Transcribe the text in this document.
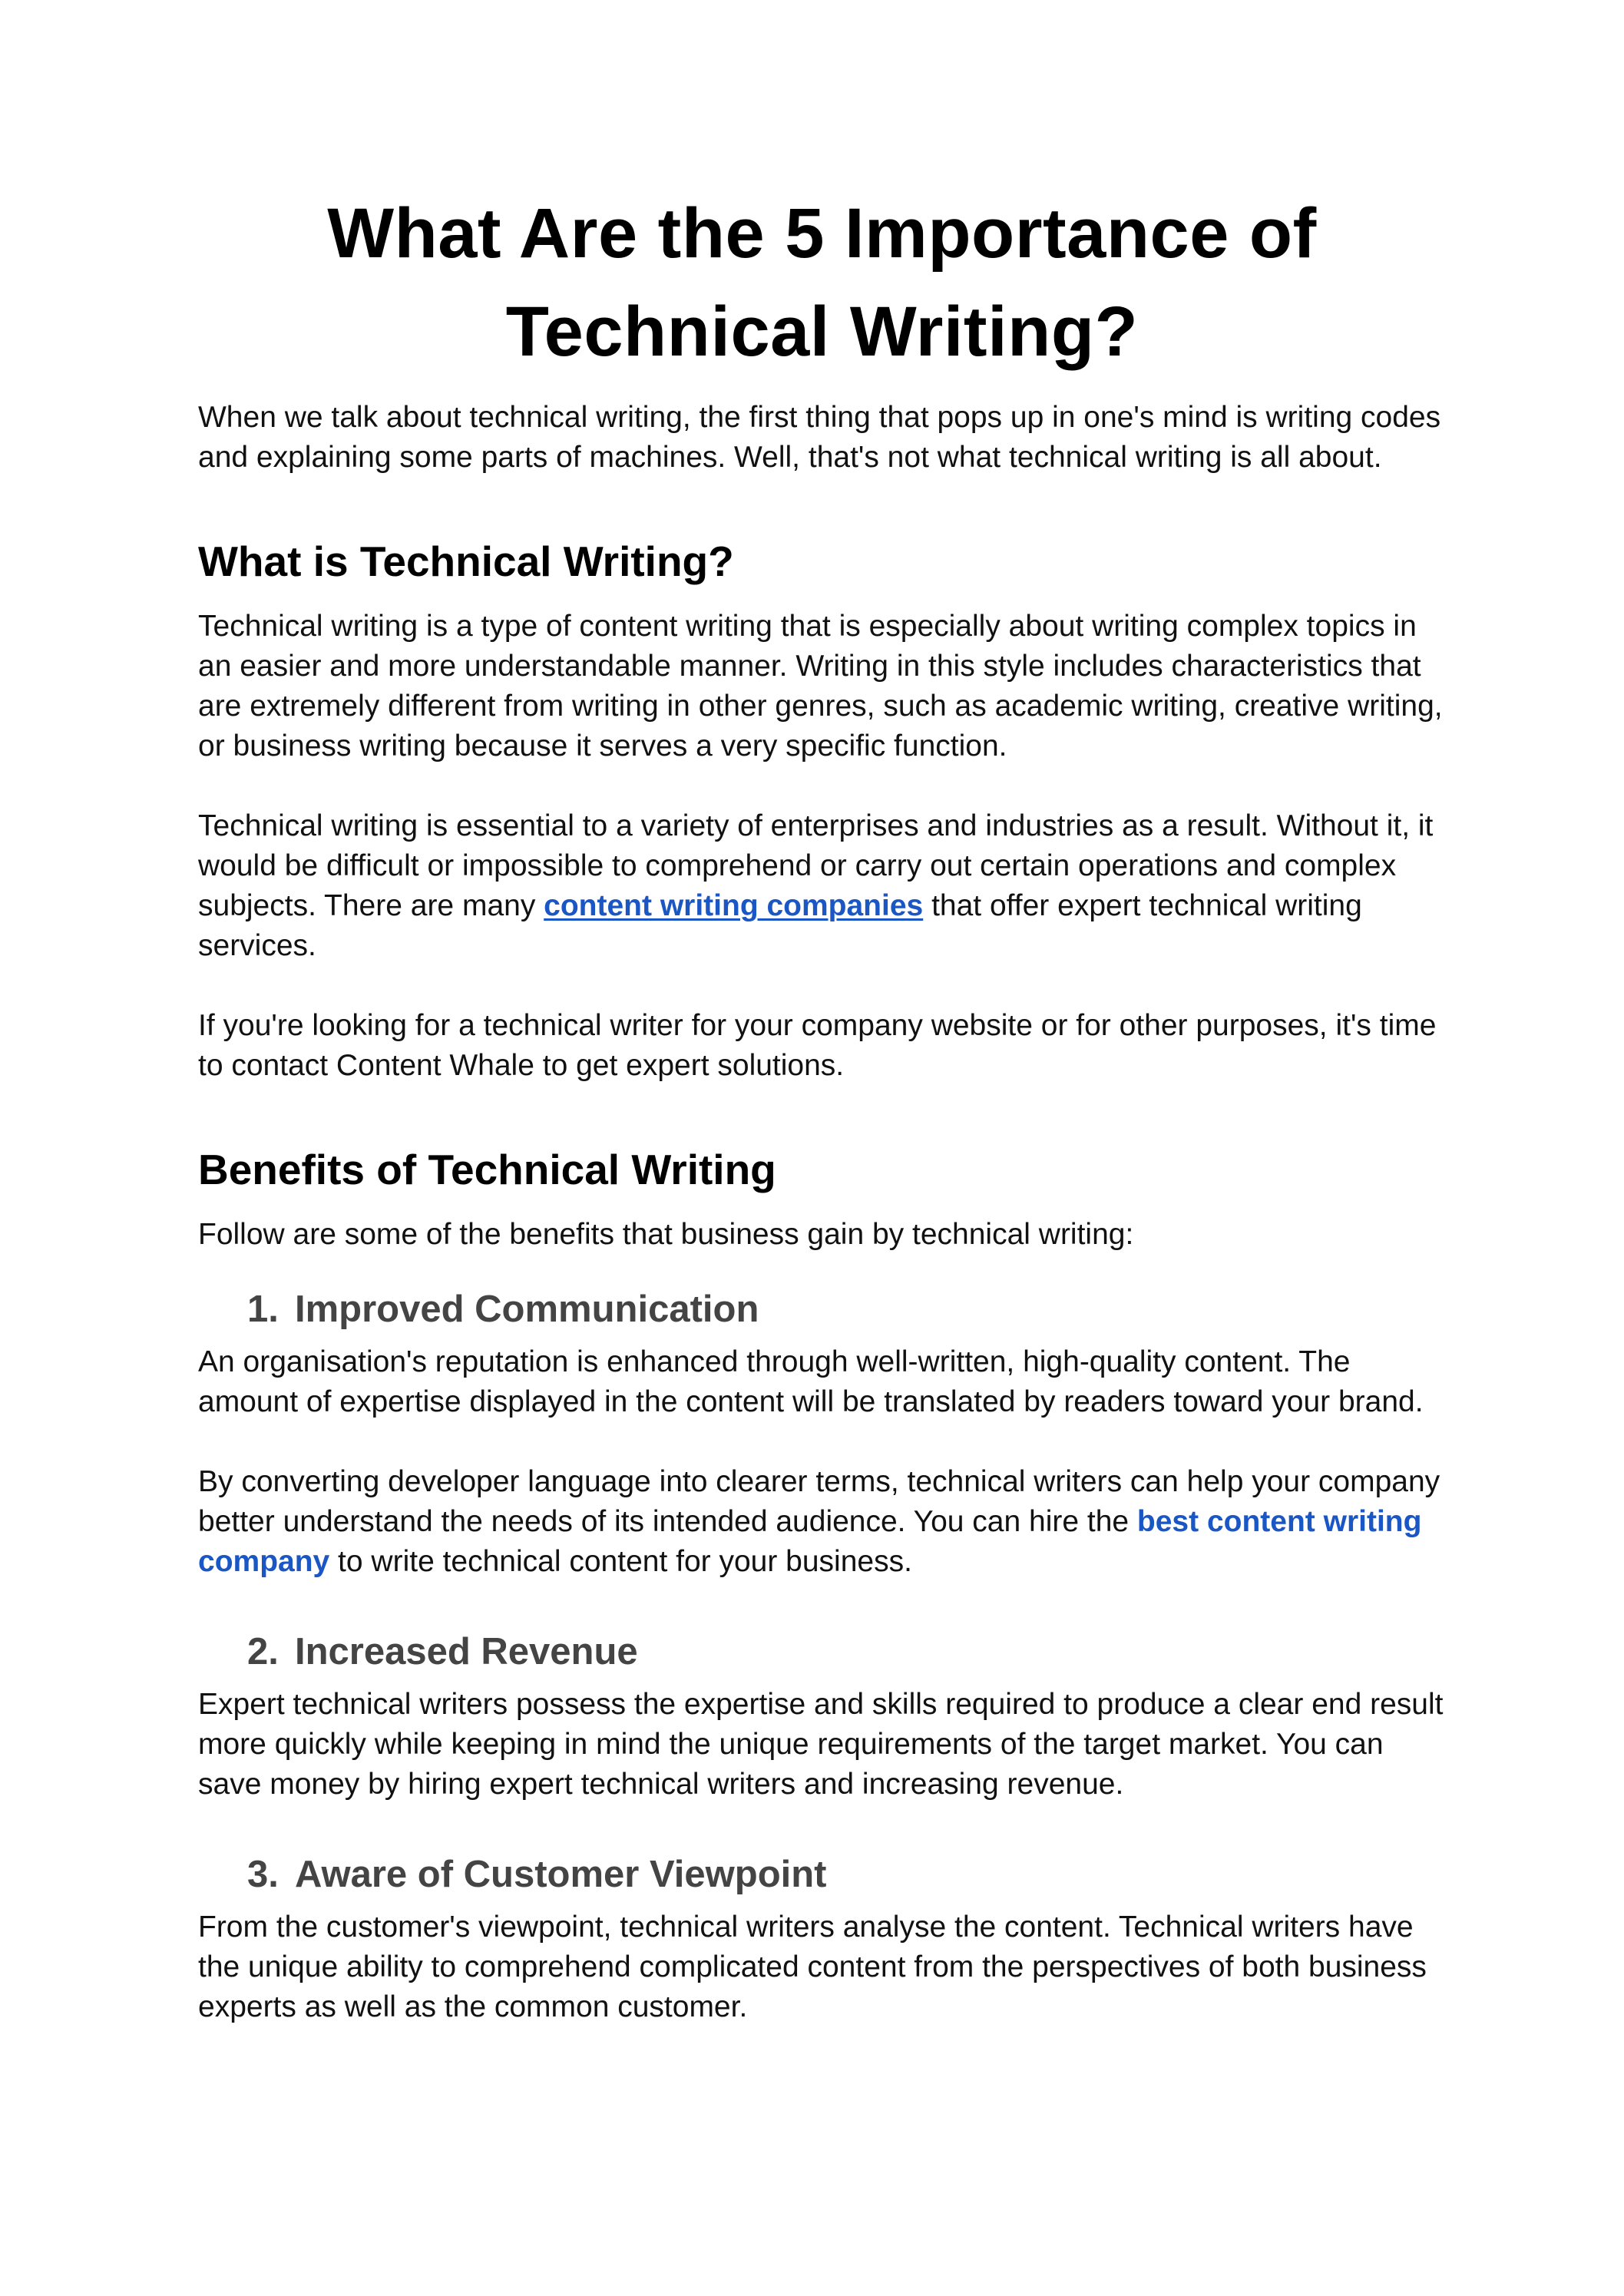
What Are the 5 Importance of
Technical Writing?

When we talk about technical writing, the first thing that pops up in one's mind is writing codes and explaining some parts of machines. Well, that's not what technical writing is all about.

What is Technical Writing?

Technical writing is a type of content writing that is especially about writing complex topics in an easier and more understandable manner. Writing in this style includes characteristics that are extremely different from writing in other genres, such as academic writing, creative writing, or business writing because it serves a very specific function.

Technical writing is essential to a variety of enterprises and industries as a result. Without it, it would be difficult or impossible to comprehend or carry out certain operations and complex subjects. There are many content writing companies that offer expert technical writing services.

If you're looking for a technical writer for your company website or for other purposes, it's time to contact Content Whale to get expert solutions.

Benefits of Technical Writing

Follow are some of the benefits that business gain by technical writing:

1. Improved Communication

An organisation's reputation is enhanced through well-written, high-quality content. The amount of expertise displayed in the content will be translated by readers toward your brand.

By converting developer language into clearer terms, technical writers can help your company better understand the needs of its intended audience. You can hire the best content writing company to write technical content for your business.

2. Increased Revenue

Expert technical writers possess the expertise and skills required to produce a clear end result more quickly while keeping in mind the unique requirements of the target market. You can save money by hiring expert technical writers and increasing revenue.

3. Aware of Customer Viewpoint

From the customer's viewpoint, technical writers analyse the content. Technical writers have the unique ability to comprehend complicated content from the perspectives of both business experts as well as the common customer.
